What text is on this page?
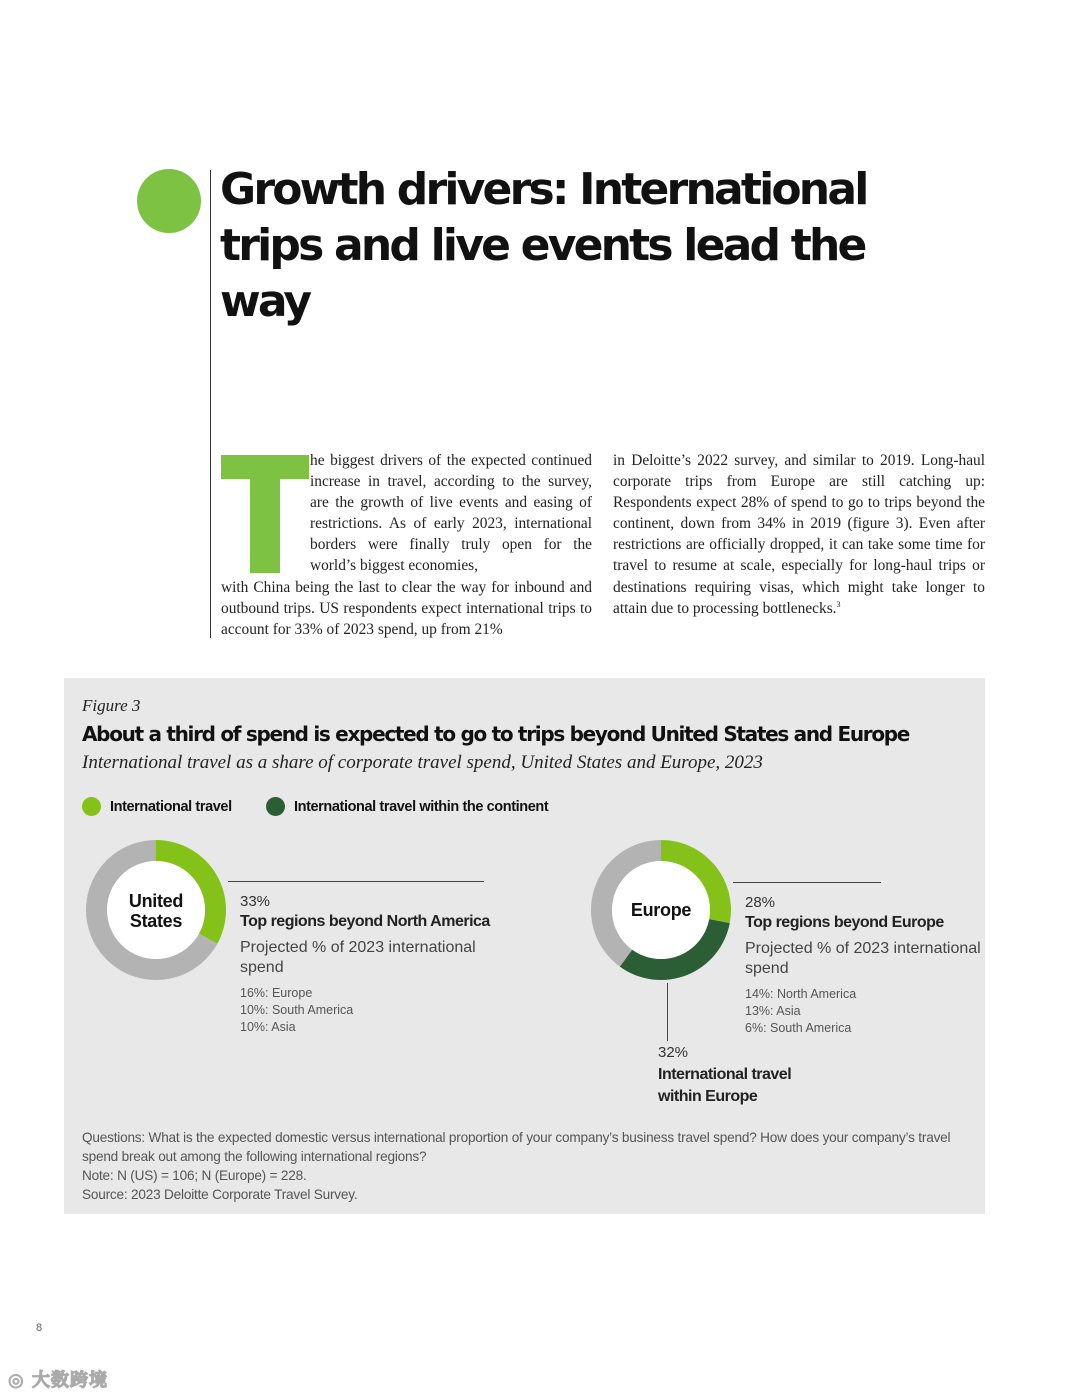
Growth drivers: International
trips and live events lead the way

he biggest drivers of the expected continued increase in travel, according to the survey, are the growth of live events and easing of restrictions. As of early 2023, international borders were finally truly open for the world’s biggest economies,

with China being the last to clear the way for inbound and outbound trips. US respondents expect international trips to account for 33% of 2023 spend, up from 21%

in Deloitte’s 2022 survey, and similar to 2019. Long-haul corporate trips from Europe are still catching up: Respondents expect 28% of spend to go to trips beyond the continent, down from 34% in 2019 (figure 3). Even after restrictions are officially dropped, it can take some time for travel to resume at scale, especially for long-haul trips or destinations requiring visas, which might take longer to attain due to processing bottlenecks.$^3$

Figure 3
About a third of spend is expected to go to trips beyond United States and Europe
International travel as a share of corporate travel spend, United States and Europe, 2023
International travel	International travel within the continent
United
States
33%
Top regions beyond North America
Projected % of 2023 international spend
16%: Europe
10%: South America
10%: Asia
Europe	28%
Top regions beyond Europe
Projected % of 2023 international spend
14%: North America
13%: Asia
6%: South America
32%
International travel
within Europe

Questions: What is the expected domestic versus international proportion of your company’s business travel spend? How does your company’s travel spend break out among the following international regions?

Note: N (US) = 106; N (Europe) = 228.

Source: 2023 Deloitte Corporate Travel Survey.

8
◎ 大数跨境
